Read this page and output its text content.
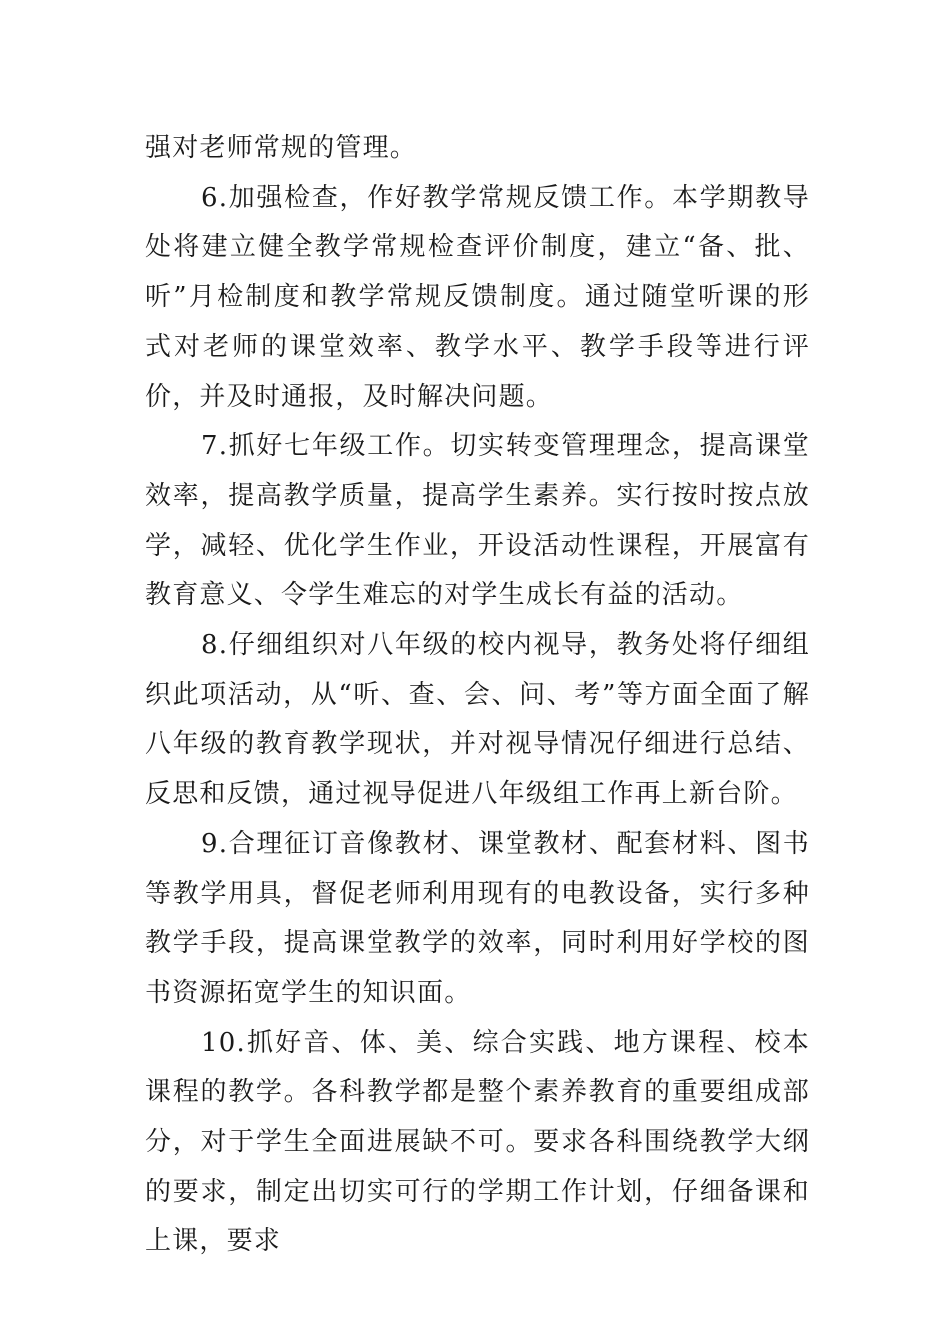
强对老师常规的管理。

6.加强检查，作好教学常规反馈工作。本学期教导处将建立健全教学常规检查评价制度，建立“备、批、听”月检制度和教学常规反馈制度。通过随堂听课的形式对老师的课堂效率、教学水平、教学手段等进行评价，并及时通报，及时解决问题。

7.抓好七年级工作。切实转变管理理念，提高课堂效率，提高教学质量，提高学生素养。实行按时按点放学，减轻、优化学生作业，开设活动性课程，开展富有教育意义、令学生难忘的对学生成长有益的活动。

8.仔细组织对八年级的校内视导，教务处将仔细组织此项活动，从“听、查、会、问、考”等方面全面了解八年级的教育教学现状，并对视导情况仔细进行总结、反思和反馈，通过视导促进八年级组工作再上新台阶。

9.合理征订音像教材、课堂教材、配套材料、图书等教学用具，督促老师利用现有的电教设备，实行多种教学手段，提高课堂教学的效率，同时利用好学校的图书资源拓宽学生的知识面。

10.抓好音、体、美、综合实践、地方课程、校本课程的教学。各科教学都是整个素养教育的重要组成部分，对于学生全面进展缺不可。要求各科围绕教学大纲的要求，制定出切实可行的学期工作计划，仔细备课和上课，要求
